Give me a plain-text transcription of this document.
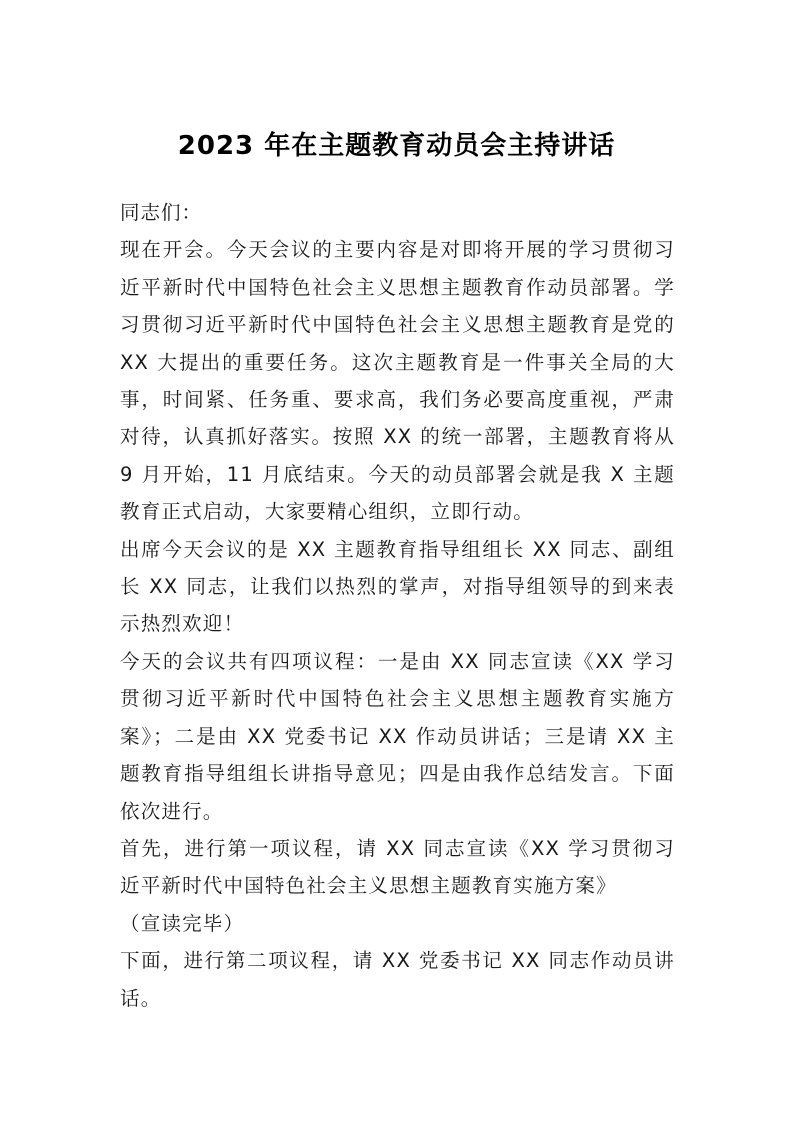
2023 年在主题教育动员会主持讲话

同志们：

现在开会。今天会议的主要内容是对即将开展的学习贯彻习近平新时代中国特色社会主义思想主题教育作动员部署。学习贯彻习近平新时代中国特色社会主义思想主题教育是党的 XX 大提出的重要任务。这次主题教育是一件事关全局的大事，时间紧、任务重、要求高，我们务必要高度重视，严肃对待，认真抓好落实。按照 XX 的统一部署，主题教育将从 9 月开始，11 月底结束。今天的动员部署会就是我 X 主题教育正式启动，大家要精心组织，立即行动。

出席今天会议的是 XX 主题教育指导组组长 XX 同志、副组长 XX 同志，让我们以热烈的掌声，对指导组领导的到来表示热烈欢迎！

今天的会议共有四项议程：一是由 XX 同志宣读《XX 学习贯彻习近平新时代中国特色社会主义思想主题教育实施方案》；二是由 XX 党委书记 XX 作动员讲话；三是请 XX 主题教育指导组组长讲指导意见；四是由我作总结发言。下面依次进行。

首先，进行第一项议程，请 XX 同志宣读《XX 学习贯彻习近平新时代中国特色社会主义思想主题教育实施方案》

（宣读完毕）

下面，进行第二项议程，请 XX 党委书记 XX 同志作动员讲话。
